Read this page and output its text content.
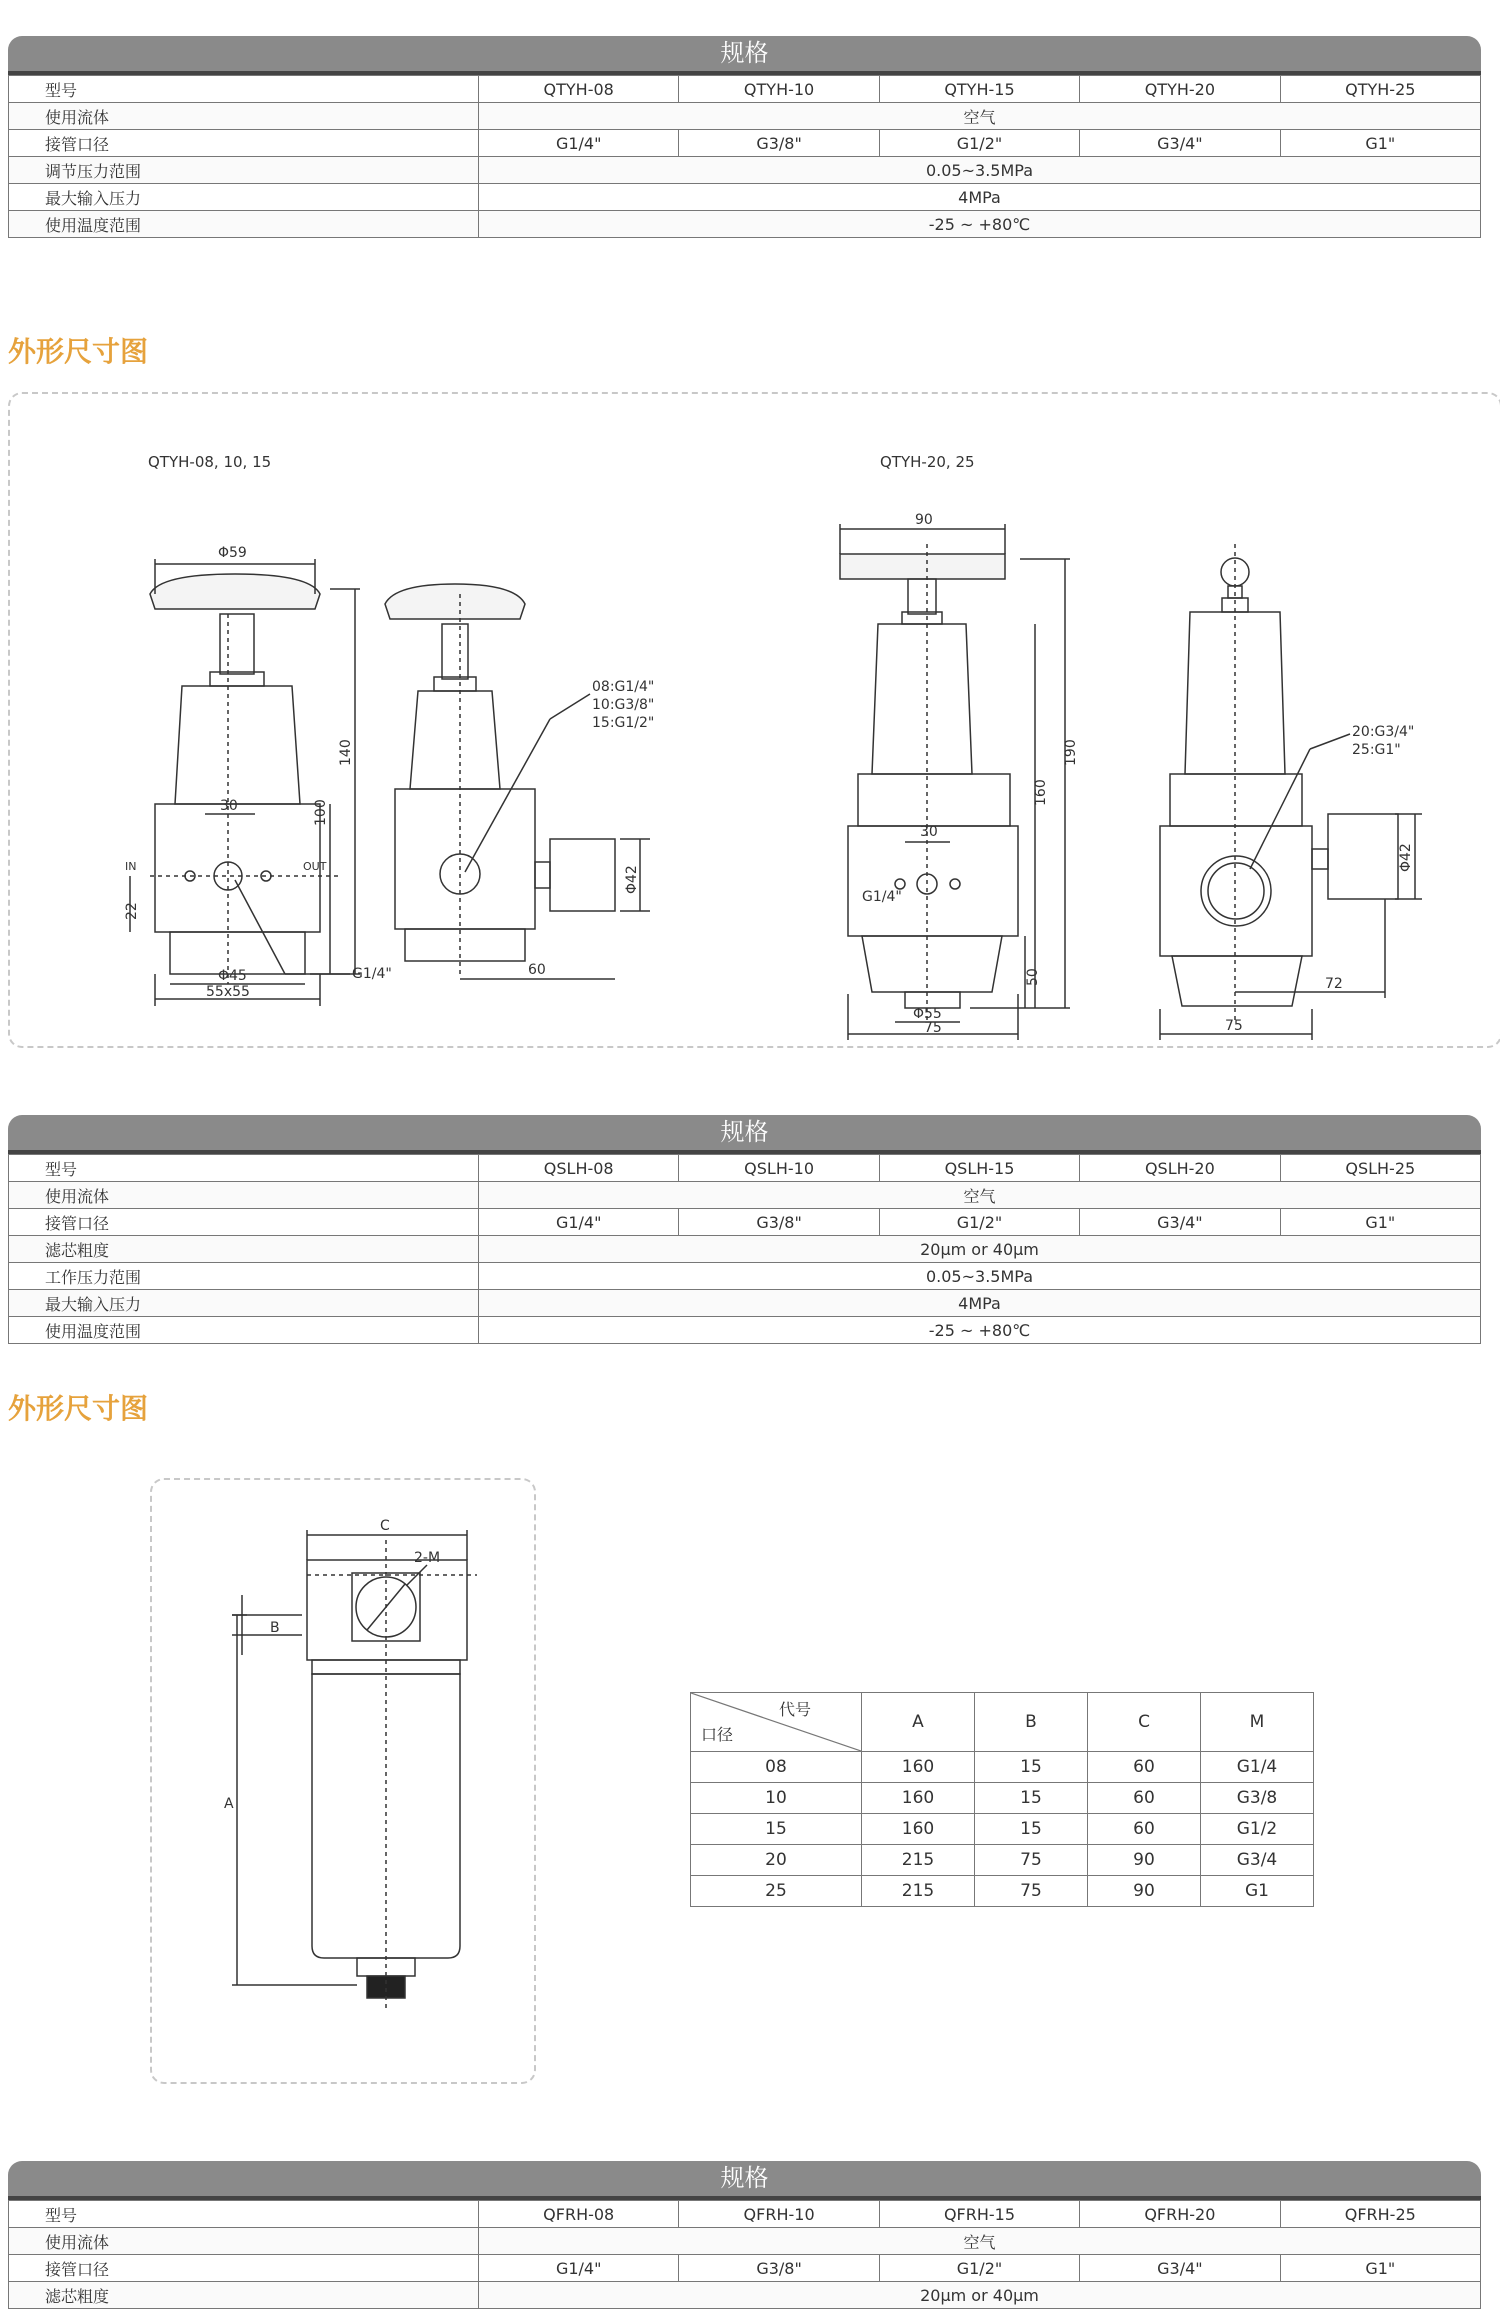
规格
型号	QTYH-08	QTYH-10	QTYH-15	QTYH-20	QTYH-25
使用流体	空气				
接管口径	G1/4"	G3/8"	G1/2"	G3/4"	G1"
调节压力范围	0.05~3.5MPa				
最大输入压力	4MPa				
使用温度范围	-25 ~ +80℃				
外形尺寸图
QTYH-08, 10, 15	QTYH-20, 25
Φ59
140
100
30
22
IN	OUT
Φ45
55x55
G1/4"
Φ42
60
08:G1/4"
10:G3/8"
15:G1/2"
90
190
160
30
50
G1/4"
Φ55
75
Φ42
72
75
20:G3/4"
25:G1"
规格
型号	QSLH-08	QSLH-10	QSLH-15	QSLH-20	QSLH-25
使用流体	空气				
接管口径	G1/4"	G3/8"	G1/2"	G3/4"	G1"
滤芯粗度	20μm or 40μm				
工作压力范围	0.05~3.5MPa				
最大输入压力	4MPa				
使用温度范围	-25 ~ +80℃				
外形尺寸图
C
2-M
B
A
代号
口径	A	B	C	M
08	160	15	60	G1/4
10	160	15	60	G3/8
15	160	15	60	G1/2
20	215	75	90	G3/4
25	215	75	90	G1
规格
型号	QFRH-08	QFRH-10	QFRH-15	QFRH-20	QFRH-25
使用流体	空气				
接管口径	G1/4"	G3/8"	G1/2"	G3/4"	G1"
滤芯粗度	20μm or 40μm				
